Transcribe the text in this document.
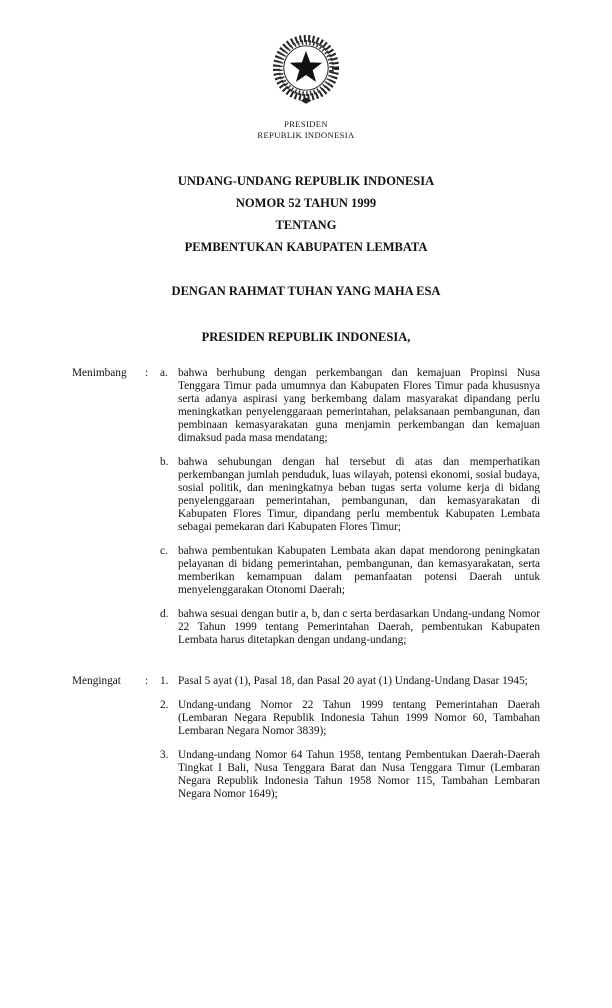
PRESIDEN
REPUBLIK INDONESIA
UNDANG-UNDANG REPUBLIK INDONESIA
NOMOR 52 TAHUN 1999
TENTANG
PEMBENTUKAN KABUPATEN LEMBATA
DENGAN RAHMAT TUHAN YANG MAHA ESA
PRESIDEN REPUBLIK INDONESIA,
Menimbang	:	a. bahwa berhubung dengan perkembangan dan kemajuan Propinsi Nusa Tenggara Timur pada umumnya dan Kabupaten Flores Timur pada khususnya serta adanya aspirasi yang berkembang dalam masyarakat dipandang perlu meningkatkan penyelenggaraan pemerintahan, pelaksanaan pembangunan, dan pembinaan kemasyarakatan guna menjamin perkembangan dan kemajuan dimaksud pada masa mendatang;
b. bahwa sehubungan dengan hal tersebut di atas dan memperhatikan perkembangan jumlah penduduk, luas wilayah, potensi ekonomi, sosial budaya, sosial politik, dan meningkatnya beban tugas serta volume kerja di bidang penyelenggaraan pemerintahan, pembangunan, dan kemasyarakatan di Kabupaten Flores Timur, dipandang perlu membentuk Kabupaten Lembata sebagai pemekaran dari Kabupaten Flores Timur;
c. bahwa pembentukan Kabupaten Lembata akan dapat mendorong peningkatan pelayanan di bidang pemerintahan, pembangunan, dan kemasyarakatan, serta memberikan kemampuan dalam pemanfaatan potensi Daerah untuk menyelenggarakan Otonomi Daerah;
d. bahwa sesuai dengan butir a, b, dan c serta berdasarkan Undang-undang Nomor 22 Tahun 1999 tentang Pemerintahan Daerah, pembentukan Kabupaten Lembata harus ditetapkan dengan undang-undang;
Mengingat	:	1. Pasal 5 ayat (1), Pasal 18, dan Pasal 20 ayat (1) Undang-Undang Dasar 1945;
2. Undang-undang Nomor 22 Tahun 1999 tentang Pemerintahan Daerah (Lembaran Negara Republik Indonesia Tahun 1999 Nomor 60, Tambahan Lembaran Negara Nomor 3839);
3. Undang-undang Nomor 64 Tahun 1958, tentang Pembentukan Daerah-Daerah Tingkat I Bali, Nusa Tenggara Barat dan Nusa Tenggara Timur (Lembaran Negara Republik Indonesia Tahun 1958 Nomor 115, Tambahan Lembaran Negara Nomor 1649);
